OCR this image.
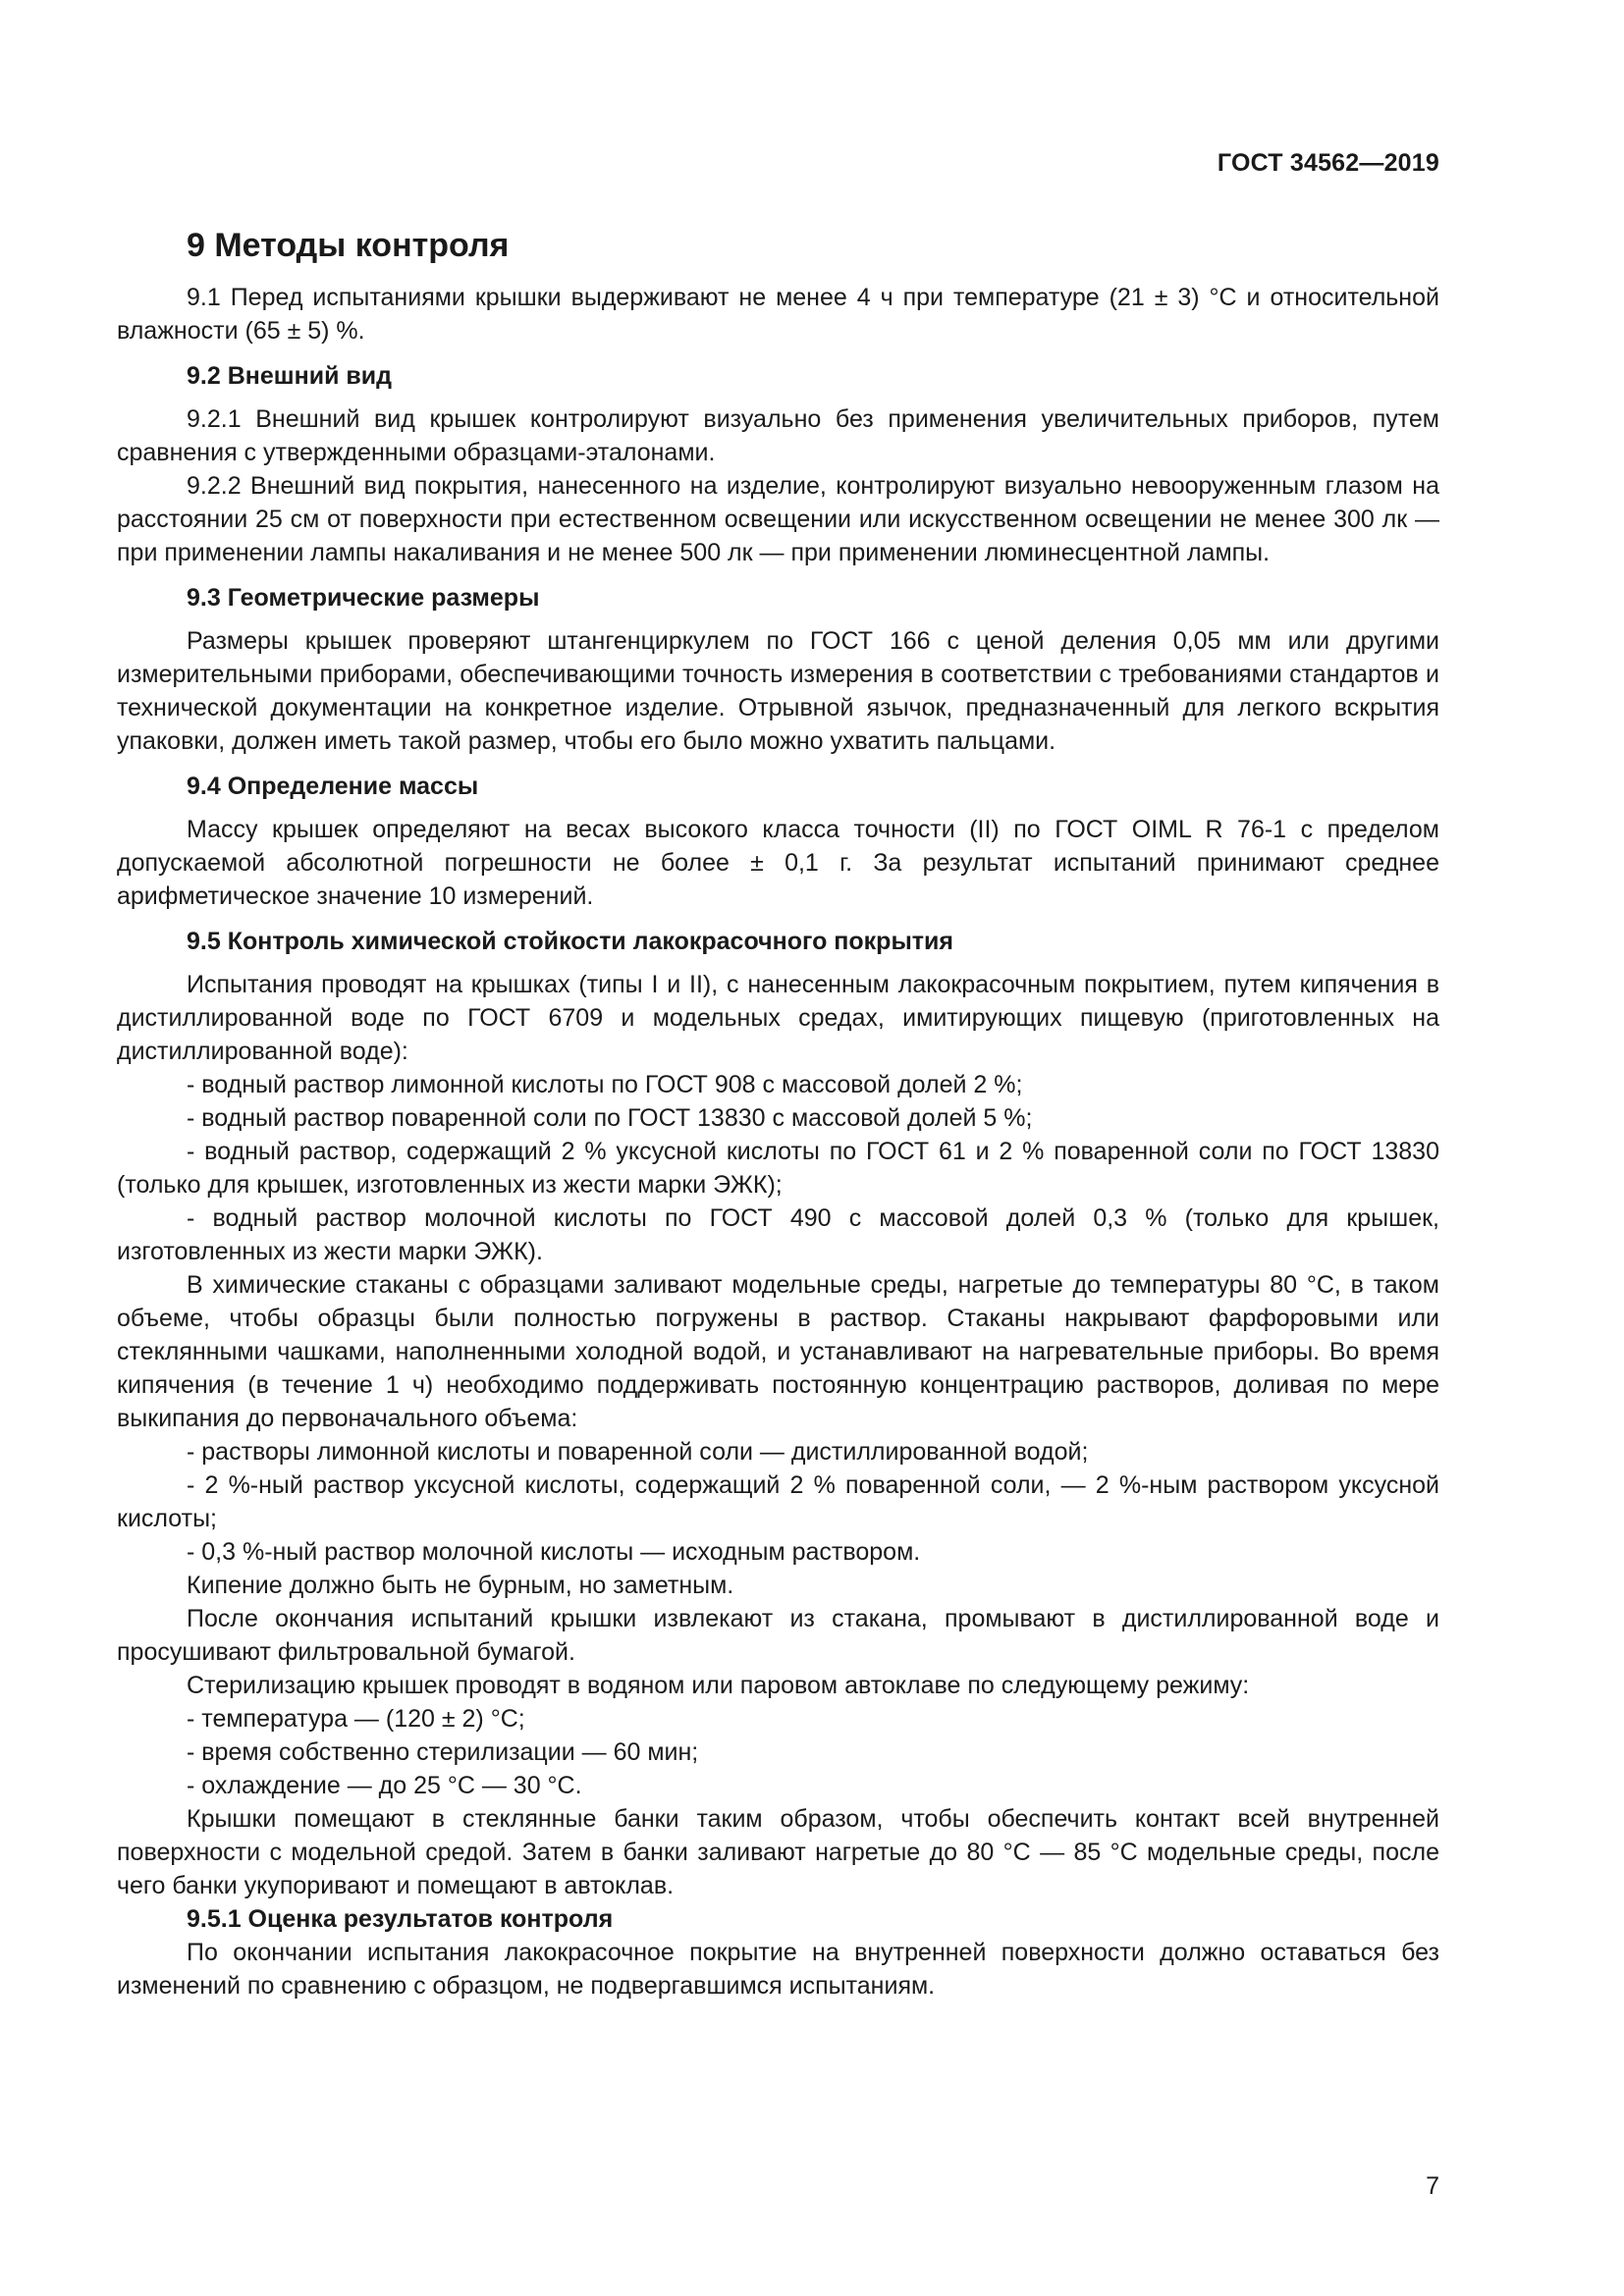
ГОСТ 34562—2019
9 Методы контроля

9.1 Перед испытаниями крышки выдерживают не менее 4 ч при температуре (21 ± 3) °С и относительной влажности (65 ± 5) %.

9.2 Внешний вид

9.2.1 Внешний вид крышек контролируют визуально без применения увеличительных приборов, путем сравнения с утвержденными образцами-эталонами.

9.2.2 Внешний вид покрытия, нанесенного на изделие, контролируют визуально невооруженным глазом на расстоянии 25 см от поверхности при естественном освещении или искусственном освещении не менее 300 лк — при применении лампы накаливания и не менее 500 лк — при применении люминесцентной лампы.

9.3 Геометрические размеры

Размеры крышек проверяют штангенциркулем по ГОСТ 166 с ценой деления 0,05 мм или другими измерительными приборами, обеспечивающими точность измерения в соответствии с требованиями стандартов и технической документации на конкретное изделие. Отрывной язычок, предназначенный для легкого вскрытия упаковки, должен иметь такой размер, чтобы его было можно ухватить пальцами.

9.4 Определение массы

Массу крышек определяют на весах высокого класса точности (II) по ГОСТ OIML R 76-1 с пределом допускаемой абсолютной погрешности не более ± 0,1 г. За результат испытаний принимают среднее арифметическое значение 10 измерений.

9.5 Контроль химической стойкости лакокрасочного покрытия

Испытания проводят на крышках (типы I и II), с нанесенным лакокрасочным покрытием, путем кипячения в дистиллированной воде по ГОСТ 6709 и модельных средах, имитирующих пищевую (приготовленных на дистиллированной воде):

- водный раствор лимонной кислоты по ГОСТ 908 с массовой долей 2 %;

- водный раствор поваренной соли по ГОСТ 13830 с массовой долей 5 %;

- водный раствор, содержащий 2 % уксусной кислоты по ГОСТ 61 и 2 % поваренной соли по ГОСТ 13830 (только для крышек, изготовленных из жести марки ЭЖК);

- водный раствор молочной кислоты по ГОСТ 490 с массовой долей 0,3 % (только для крышек, изготовленных из жести марки ЭЖК).

В химические стаканы с образцами заливают модельные среды, нагретые до температуры 80 °С, в таком объеме, чтобы образцы были полностью погружены в раствор. Стаканы накрывают фарфоровыми или стеклянными чашками, наполненными холодной водой, и устанавливают на нагревательные приборы. Во время кипячения (в течение 1 ч) необходимо поддерживать постоянную концентрацию растворов, доливая по мере выкипания до первоначального объема:

- растворы лимонной кислоты и поваренной соли — дистиллированной водой;

- 2 %-ный раствор уксусной кислоты, содержащий 2 % поваренной соли, — 2 %-ным раствором уксусной кислоты;

- 0,3 %-ный раствор молочной кислоты — исходным раствором.

Кипение должно быть не бурным, но заметным.

После окончания испытаний крышки извлекают из стакана, промывают в дистиллированной воде и просушивают фильтровальной бумагой.

Стерилизацию крышек проводят в водяном или паровом автоклаве по следующему режиму:

- температура — (120 ± 2) °С;

- время собственно стерилизации — 60 мин;

- охлаждение — до 25 °С — 30 °С.

Крышки помещают в стеклянные банки таким образом, чтобы обеспечить контакт всей внутренней поверхности с модельной средой. Затем в банки заливают нагретые до 80 °С — 85 °С модельные среды, после чего банки укупоривают и помещают в автоклав.

9.5.1 Оценка результатов контроля

По окончании испытания лакокрасочное покрытие на внутренней поверхности должно оставаться без изменений по сравнению с образцом, не подвергавшимся испытаниям.

7
